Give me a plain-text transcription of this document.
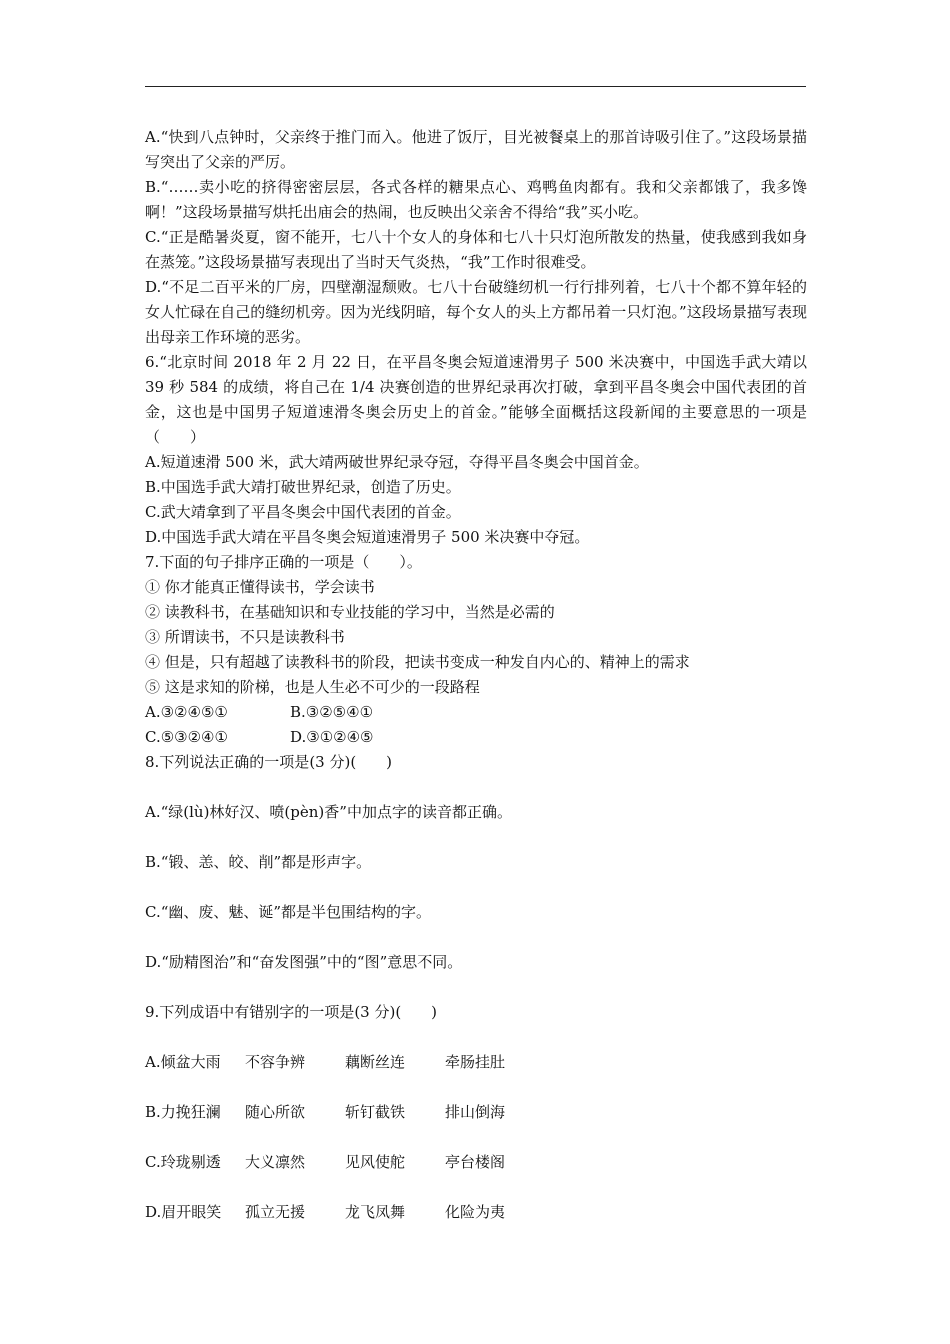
A.“快到八点钟时，父亲终于推门而入。他进了饭厅，目光被餐桌上的那首诗吸引住了。”这段场景描写突出了父亲的严厉。
B.“……卖小吃的挤得密密层层，各式各样的糖果点心、鸡鸭鱼肉都有。我和父亲都饿了，我多馋啊！”这段场景描写烘托出庙会的热闹，也反映出父亲舍不得给“我”买小吃。
C.“正是酷暑炎夏，窗不能开，七八十个女人的身体和七八十只灯泡所散发的热量，使我感到我如身在蒸笼。”这段场景描写表现出了当时天气炎热，“我”工作时很难受。
D.“不足二百平米的厂房，四壁潮湿颓败。七八十台破缝纫机一行行排列着，七八十个都不算年轻的女人忙碌在自己的缝纫机旁。因为光线阴暗，每个女人的头上方都吊着一只灯泡。”这段场景描写表现出母亲工作环境的恶劣。
6.“北京时间 2018 年 2 月 22 日，在平昌冬奥会短道速滑男子 500 米决赛中，中国选手武大靖以 39 秒 584 的成绩，将自己在 1/4 决赛创造的世界纪录再次打破，拿到平昌冬奥会中国代表团的首金，这也是中国男子短道速滑冬奥会历史上的首金。”能够全面概括这段新闻的主要意思的一项是（　　）
A.短道速滑 500 米，武大靖两破世界纪录夺冠，夺得平昌冬奥会中国首金。
B.中国选手武大靖打破世界纪录，创造了历史。
C.武大靖拿到了平昌冬奥会中国代表团的首金。
D.中国选手武大靖在平昌冬奥会短道速滑男子 500 米决赛中夺冠。
7.下面的句子排序正确的一项是（　　）。
① 你才能真正懂得读书，学会读书
② 读教科书，在基础知识和专业技能的学习中，当然是必需的
③ 所谓读书，不只是读教科书
④ 但是，只有超越了读教科书的阶段，把读书变成一种发自内心的、精神上的需求
⑤ 这是求知的阶梯，也是人生必不可少的一段路程
A.③②④⑤①	B.③②⑤④①
C.⑤③②④①	D.③①②④⑤
8.下列说法正确的一项是(3 分)(　　)
A.“绿(lù)林好汉、喷(pèn)香”中加点字的读音都正确。
B.“锻、恙、皎、削”都是形声字。
C.“幽、废、魅、诞”都是半包围结构的字。
D.“励精图治”和“奋发图强”中的“图”意思不同。
9.下列成语中有错别字的一项是(3 分)(　　)
A.倾盆大雨	不容争辨	藕断丝连	牵肠挂肚
B.力挽狂澜	随心所欲	斩钉截铁	排山倒海
C.玲珑剔透	大义凛然	见风使舵	亭台楼阁
D.眉开眼笑	孤立无援	龙飞凤舞	化险为夷
